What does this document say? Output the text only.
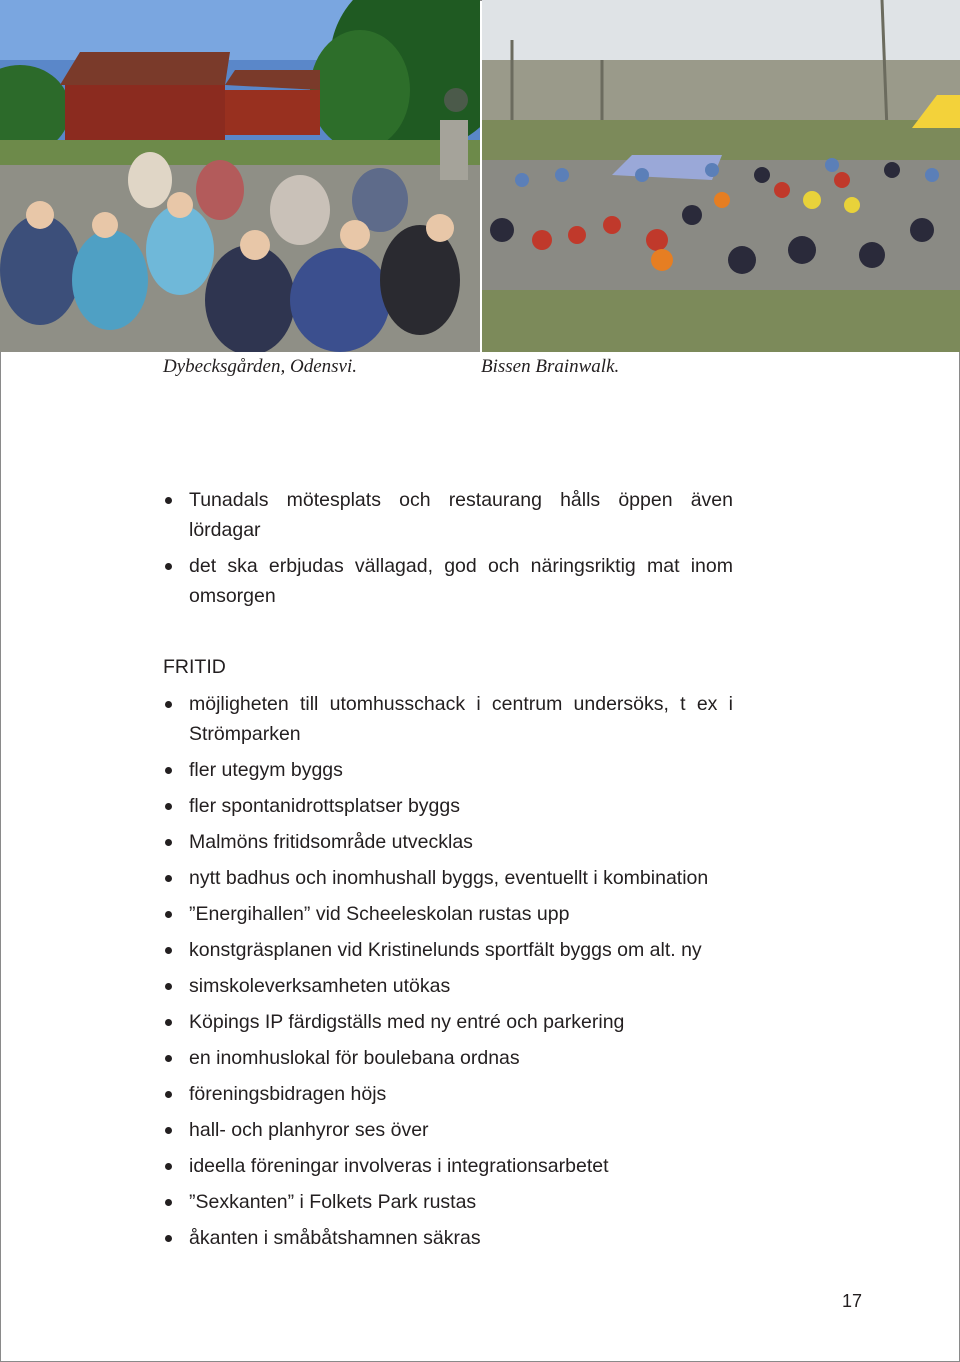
Dybecksgården, Odensvi.	Bissen Brainwalk.
Tunadals mötesplats och restaurang hålls öppen även lördagar
det ska erbjudas vällagad, god och näringsriktig mat inom omsorgen
FRITID
möjligheten till utomhusschack i centrum undersöks, t ex i Strömparken
fler utegym byggs
fler spontanidrottsplatser byggs
Malmöns fritidsområde utvecklas
nytt badhus och inomhushall byggs, eventuellt i kombination
”Energihallen” vid Scheeleskolan rustas upp
konstgräsplanen vid Kristinelunds sportfält byggs om alt. ny
simskoleverksamheten utökas
Köpings IP färdigställs med ny entré och parkering
en inomhuslokal för boulebana ordnas
föreningsbidragen höjs
hall- och planhyror ses över
ideella föreningar involveras i integrationsarbetet
”Sexkanten” i Folkets Park rustas
åkanten i småbåtshamnen säkras
17
